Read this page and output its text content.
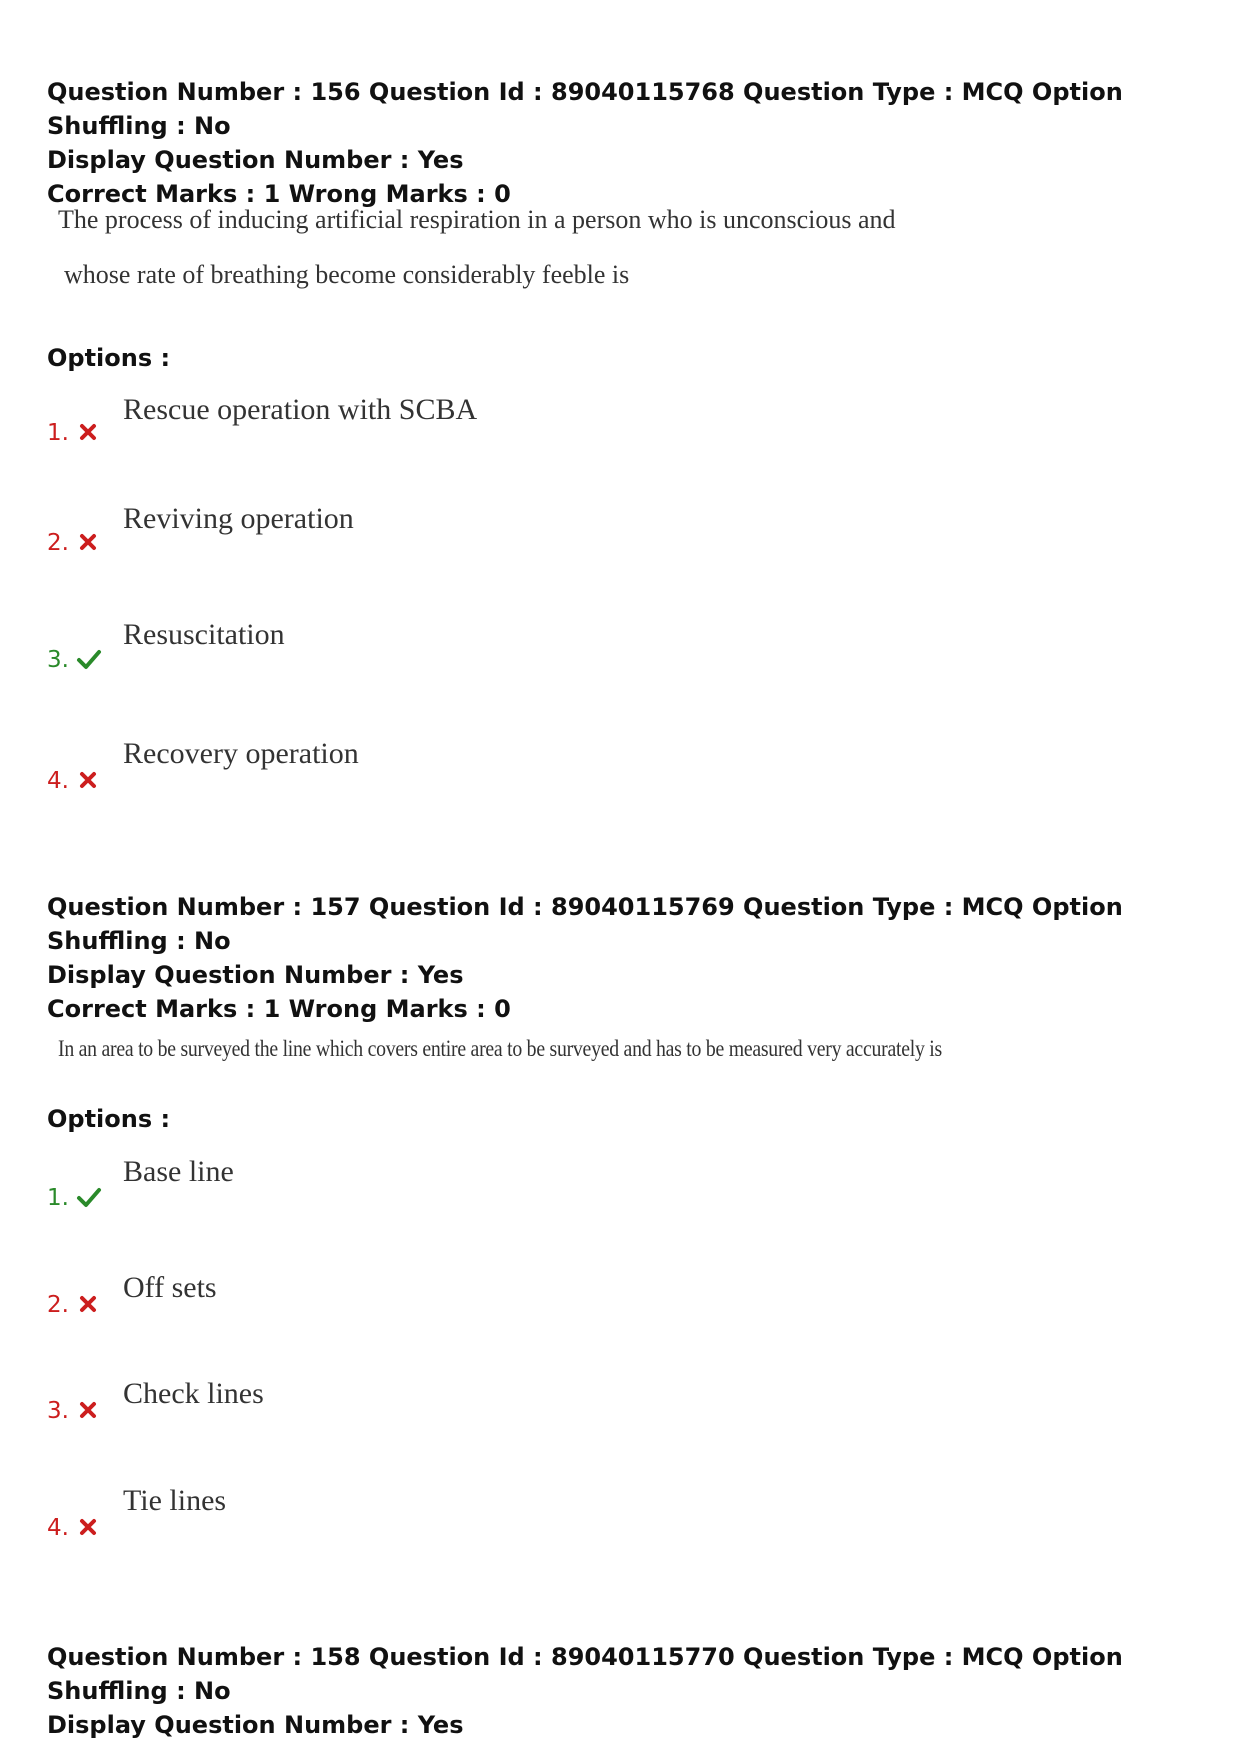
Question Number : 156 Question Id : 89040115768 Question Type : MCQ Option Shuffling : No
Display Question Number : Yes
Correct Marks : 1 Wrong Marks : 0
The process of inducing artificial respiration in a person who is unconscious and
whose rate of breathing become considerably feeble is
Options :
1.
Rescue operation with SCBA
2.
Reviving operation
3.
Resuscitation
4.
Recovery operation
Question Number : 157 Question Id : 89040115769 Question Type : MCQ Option Shuffling : No
Display Question Number : Yes
Correct Marks : 1 Wrong Marks : 0
In an area to be surveyed the line which covers entire area to be surveyed and has to be measured very accurately is
Options :
1.
Base line
2.
Off sets
3.
Check lines
4.
Tie lines
Question Number : 158 Question Id : 89040115770 Question Type : MCQ Option Shuffling : No
Display Question Number : Yes
